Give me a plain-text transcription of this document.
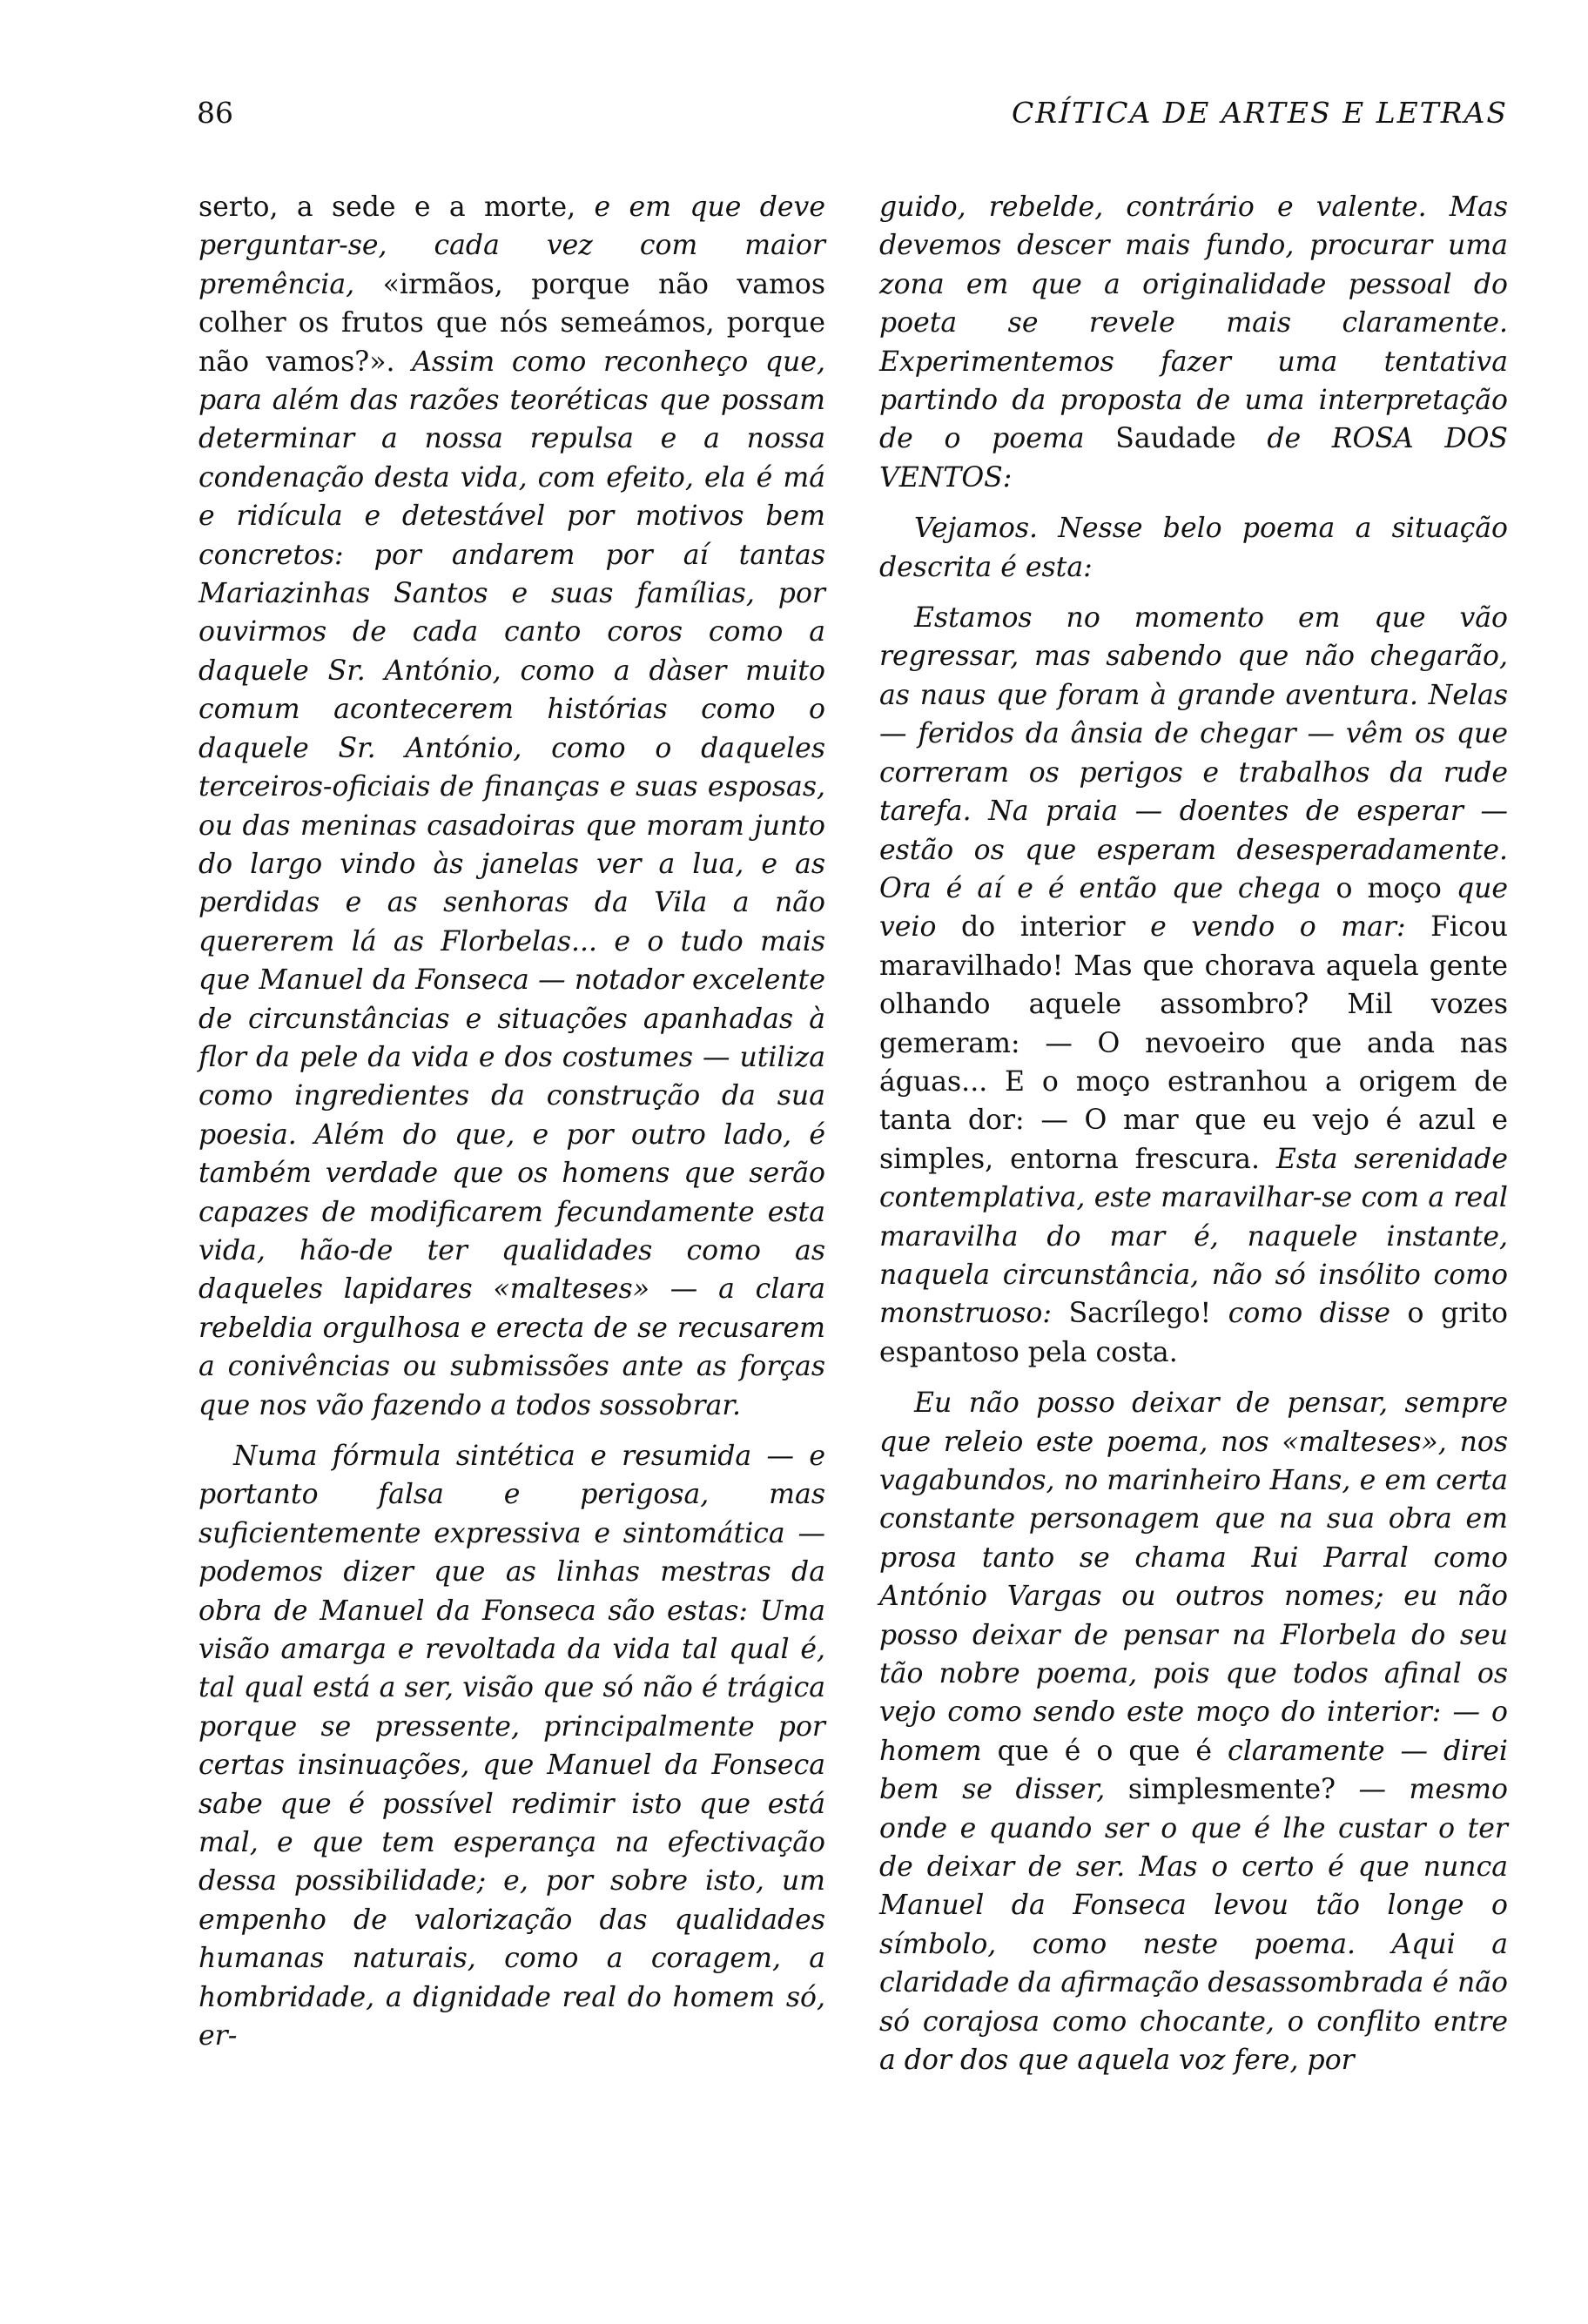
86	CRÍTICA DE ARTES E LETRAS

serto, a sede e a morte, e em que deve perguntar-se, cada vez com maior premência, «irmãos, porque não vamos colher os frutos que nós semeámos, porque não vamos?». Assim como reconheço que, para além das razões teoréticas que possam determinar a nossa repulsa e a nossa condenação desta vida, com efeito, ela é má e ridícula e detestável por motivos bem concretos: por andarem por aí tantas Mariazinhas Santos e suas famílias, por ouvirmos de cada canto coros como a daquele Sr. António, como a dàser muito comum acontecerem histórias como o daquele Sr. António, como o daqueles terceiros-oficiais de finanças e suas esposas, ou das meninas casadoiras que moram junto do largo vindo às janelas ver a lua, e as perdidas e as senhoras da Vila a não quererem lá as Florbelas... e o tudo mais que Manuel da Fonseca — notador excelente de circunstâncias e situações apanhadas à flor da pele da vida e dos costumes — utiliza como ingredientes da construção da sua poesia. Além do que, e por outro lado, é também verdade que os homens que serão capazes de modificarem fecundamente esta vida, hão-de ter qualidades como as daqueles lapidares «malteses» — a clara rebeldia orgulhosa e erecta de se recusarem a conivências ou submissões ante as forças que nos vão fazendo a todos sossobrar.

Numa fórmula sintética e resumida — e portanto falsa e perigosa, mas suficientemente expressiva e sintomática — podemos dizer que as linhas mestras da obra de Manuel da Fonseca são estas: Uma visão amarga e revoltada da vida tal qual é, tal qual está a ser, visão que só não é trágica porque se pressente, principalmente por certas insinuações, que Manuel da Fonseca sabe que é possível redimir isto que está mal, e que tem esperança na efectivação dessa possibilidade; e, por sobre isto, um empenho de valorização das qualidades humanas naturais, como a coragem, a hombridade, a dignidade real do homem só, er-

guido, rebelde, contrário e valente. Mas devemos descer mais fundo, procurar uma zona em que a originalidade pessoal do poeta se revele mais claramente. Experimentemos fazer uma tentativa partindo da proposta de uma interpretação de o poema Saudade de ROSA DOS VENTOS:

Vejamos. Nesse belo poema a situação descrita é esta:

Estamos no momento em que vão regressar, mas sabendo que não chegarão, as naus que foram à grande aventura. Nelas — feridos da ânsia de chegar — vêm os que correram os perigos e trabalhos da rude tarefa. Na praia — doentes de esperar — estão os que esperam desesperadamente. Ora é aí e é então que chega o moço que veio do interior e vendo o mar: Ficou maravilhado! Mas que chorava aquela gente olhando aquele assombro? Mil vozes gemeram: — O nevoeiro que anda nas águas... E o moço estranhou a origem de tanta dor: — O mar que eu vejo é azul e simples, entorna frescura. Esta serenidade contemplativa, este maravilhar-se com a real maravilha do mar é, naquele instante, naquela circunstância, não só insólito como monstruoso: Sacrílego! como disse o grito espantoso pela costa.

Eu não posso deixar de pensar, sempre que releio este poema, nos «malteses», nos vagabundos, no marinheiro Hans, e em certa constante personagem que na sua obra em prosa tanto se chama Rui Parral como António Vargas ou outros nomes; eu não posso deixar de pensar na Florbela do seu tão nobre poema, pois que todos afinal os vejo como sendo este moço do interior: — o homem que é o que é claramente — direi bem se disser, simplesmente? — mesmo onde e quando ser o que é lhe custar o ter de deixar de ser. Mas o certo é que nunca Manuel da Fonseca levou tão longe o símbolo, como neste poema. Aqui a claridade da afirmação desassombrada é não só corajosa como chocante, o conflito entre a dor dos que aquela voz fere, por
